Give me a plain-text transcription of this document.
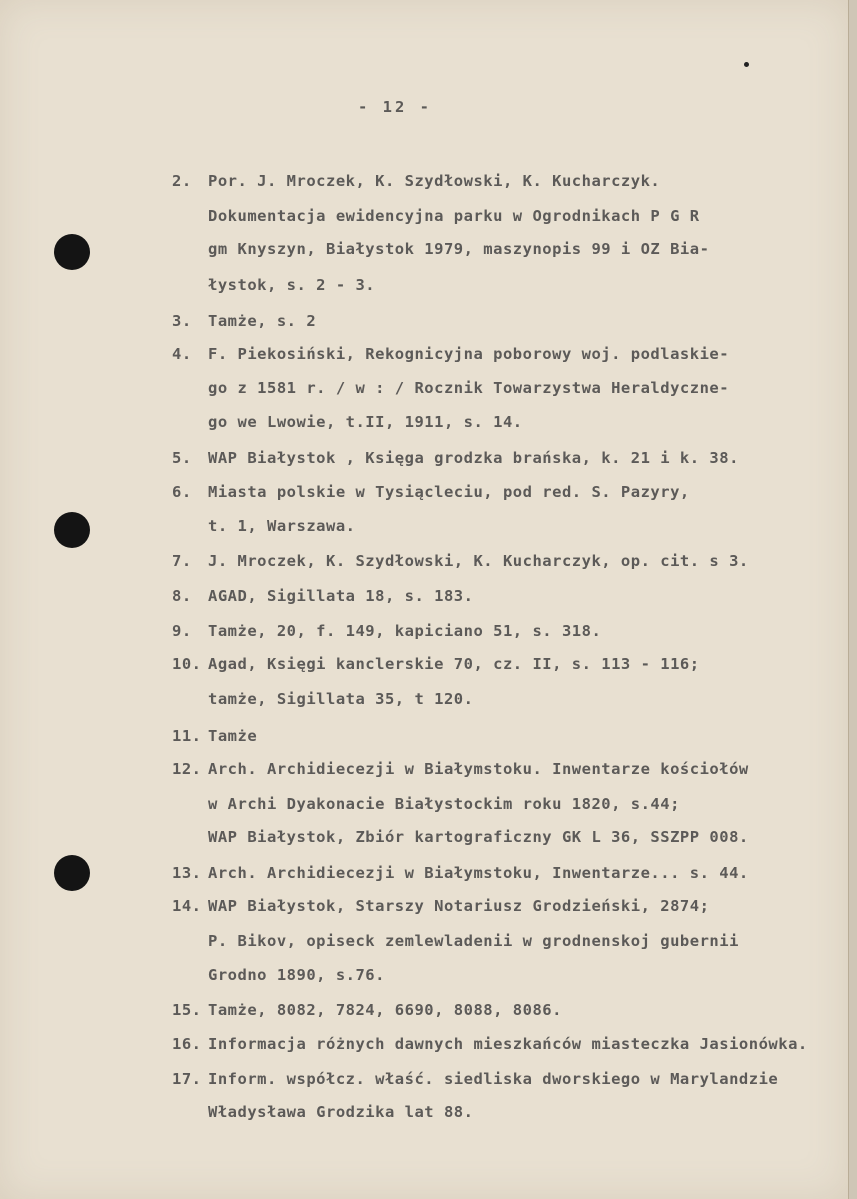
- 12 -
2. Por. J. Mroczek, K. Szydłowski, K. Kucharczyk.
Dokumentacja ewidencyjna parku w Ogrodnikach P G R
gm Knyszyn, Białystok 1979, maszynopis 99 i OZ Bia-
łystok, s. 2 - 3.
3. Tamże, s. 2
4. F. Piekosiński, Rekognicyjna poborowy woj. podlaskie-
go z 1581 r. / w : / Rocznik Towarzystwa Heraldyczne-
go we Lwowie, t.II, 1911, s. 14.
5. WAP Białystok , Księga grodzka brańska, k. 21 i k. 38.
6. Miasta polskie w Tysiącleciu, pod red. S. Pazyry,
t. 1, Warszawa.
7. J. Mroczek, K. Szydłowski, K. Kucharczyk, op. cit. s 3.
8. AGAD, Sigillata 18, s. 183.
9. Tamże, 20, f. 149, kapiciano 51, s. 318.
10. Agad, Księgi kanclerskie 70, cz. II, s. 113 - 116;
tamże, Sigillata 35, t 120.
11. Tamże
12. Arch. Archidiecezji w Białymstoku. Inwentarze kościołów
w Archi Dyakonacie Białystockim roku 1820, s.44;
WAP Białystok, Zbiór kartograficzny GK L 36, SSZPP 008.
13. Arch. Archidiecezji w Białymstoku, Inwentarze... s. 44.
14. WAP Białystok, Starszy Notariusz Grodzieński, 2874;
P. Bikov, opiseck zemlewladenii w grodnenskoj gubernii
Grodno 1890, s.76.
15. Tamże, 8082, 7824, 6690, 8088, 8086.
16. Informacja różnych dawnych mieszkańców miasteczka Jasionówka.
17. Inform. współcz. właść. siedliska dworskiego w Marylandzie
Władysława Grodzika lat 88.
